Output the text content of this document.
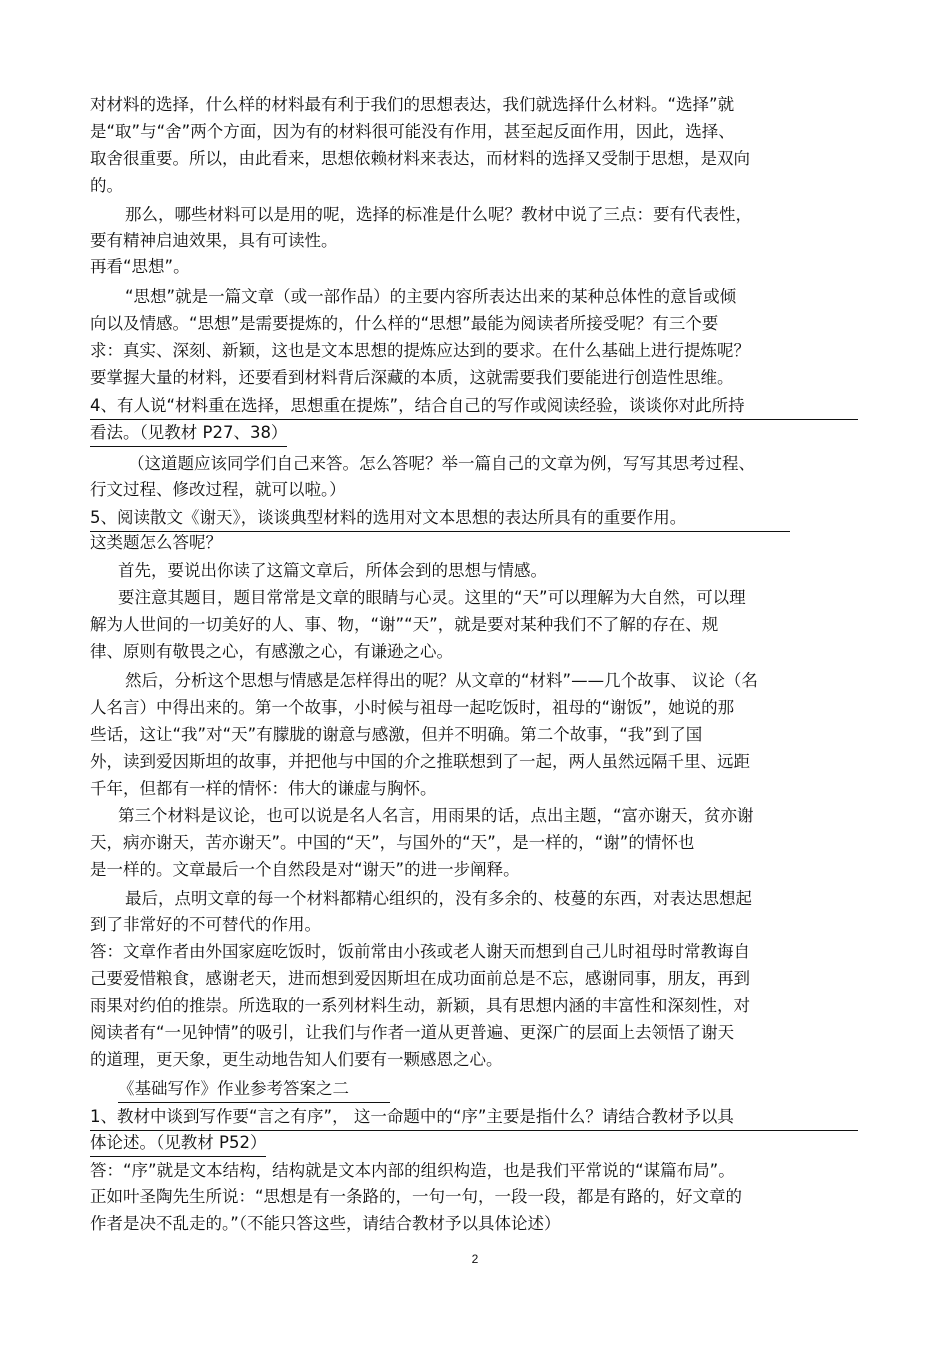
对材料的选择，什么样的材料最有利于我们的思想表达，我们就选择什么材料。“选择”就
是“取”与“舍”两个方面，因为有的材料很可能没有作用，甚至起反面作用，因此，选择、
取舍很重要。所以，由此看来，思想依赖材料来表达，而材料的选择又受制于思想，是双向
的。
那么，哪些材料可以是用的呢，选择的标准是什么呢？教材中说了三点：要有代表性，
要有精神启迪效果，具有可读性。
再看“思想”。
“思想”就是一篇文章（或一部作品）的主要内容所表达出来的某种总体性的意旨或倾
向以及情感。“思想”是需要提炼的，什么样的“思想”最能为阅读者所接受呢？有三个要
求：真实、深刻、新颖，这也是文本思想的提炼应达到的要求。在什么基础上进行提炼呢？
要掌握大量的材料，还要看到材料背后深藏的本质，这就需要我们要能进行创造性思维。
4、有人说“材料重在选择，思想重在提炼”，结合自己的写作或阅读经验，谈谈你对此所持
看法。（见教材 P27、38）
（这道题应该同学们自己来答。怎么答呢？举一篇自己的文章为例，写写其思考过程、
行文过程、修改过程，就可以啦。）
5、阅读散文《谢天》，谈谈典型材料的选用对文本思想的表达所具有的重要作用。
这类题怎么答呢？
首先，要说出你读了这篇文章后，所体会到的思想与情感。
要注意其题目，题目常常是文章的眼睛与心灵。这里的“天”可以理解为大自然，可以理
解为人世间的一切美好的人、事、物，“谢”“天”，就是要对某种我们不了解的存在、规
律、原则有敬畏之心，有感激之心，有谦逊之心。
然后，分析这个思想与情感是怎样得出的呢？从文章的“材料”——几个故事、 议论（名
人名言）中得出来的。第一个故事，小时候与祖母一起吃饭时，祖母的“谢饭”，她说的那
些话，这让“我”对“天”有朦胧的谢意与感激，但并不明确。第二个故事，“我”到了国
外，读到爱因斯坦的故事，并把他与中国的介之推联想到了一起，两人虽然远隔千里、远距
千年，但都有一样的情怀：伟大的谦虚与胸怀。
第三个材料是议论，也可以说是名人名言，用雨果的话，点出主题，“富亦谢天，贫亦谢
天，病亦谢天，苦亦谢天”。中国的“天”，与国外的“天”，是一样的，“谢”的情怀也
是一样的。文章最后一个自然段是对“谢天”的进一步阐释。
最后，点明文章的每一个材料都精心组织的，没有多余的、枝蔓的东西，对表达思想起
到了非常好的不可替代的作用。
答：文章作者由外国家庭吃饭时，饭前常由小孩或老人谢天而想到自己儿时祖母时常教诲自
己要爱惜粮食，感谢老天，进而想到爱因斯坦在成功面前总是不忘，感谢同事，朋友，再到
雨果对约伯的推崇。所选取的一系列材料生动，新颖，具有思想内涵的丰富性和深刻性，对
阅读者有“一见钟情”的吸引，让我们与作者一道从更普遍、更深广的层面上去领悟了谢天
的道理，更天象，更生动地告知人们要有一颗感恩之心。
《基础写作》作业参考答案之二
1、教材中谈到写作要“言之有序”， 这一命题中的“序”主要是指什么？请结合教材予以具
体论述。（见教材 P52）
答：“序”就是文本结构，结构就是文本内部的组织构造，也是我们平常说的“谋篇布局”。
正如叶圣陶先生所说：“思想是有一条路的，一句一句，一段一段，都是有路的，好文章的
作者是决不乱走的。”（不能只答这些，请结合教材予以具体论述）
2
